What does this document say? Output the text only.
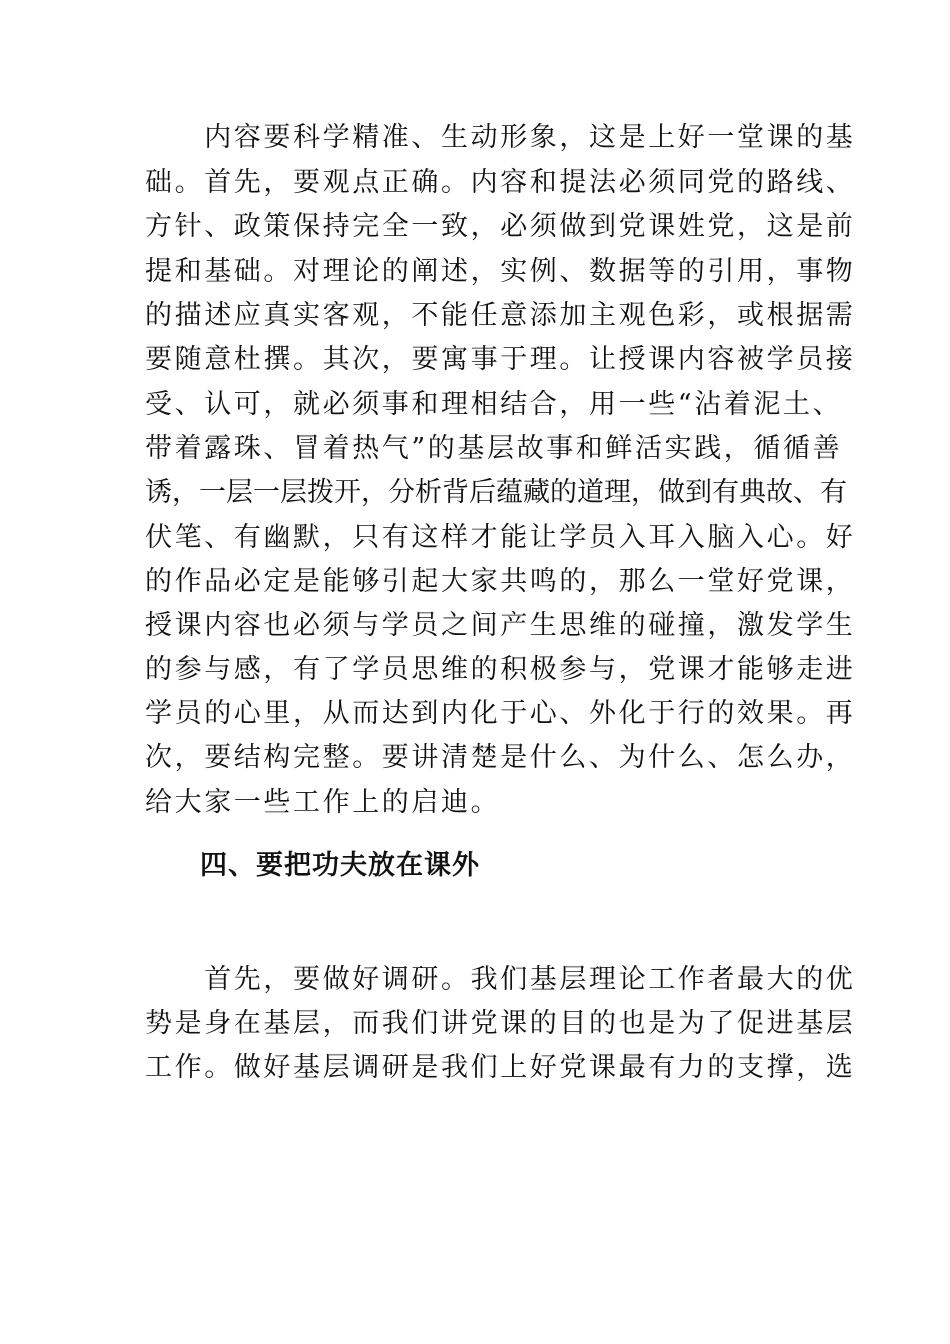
　　内容要科学精准、生动形象，这是上好一堂课的基
础。首先，要观点正确。内容和提法必须同党的路线、
方针、政策保持完全一致，必须做到党课姓党，这是前
提和基础。对理论的阐述，实例、数据等的引用，事物
的描述应真实客观，不能任意添加主观色彩，或根据需
要随意杜撰。其次，要寓事于理。让授课内容被学员接
受、认可，就必须事和理相结合，用一些“沾着泥土、
带着露珠、冒着热气”的基层故事和鲜活实践，循循善
诱，一层一层拨开，分析背后蕴藏的道理，做到有典故、有
伏笔、有幽默，只有这样才能让学员入耳入脑入心。好
的作品必定是能够引起大家共鸣的，那么一堂好党课，
授课内容也必须与学员之间产生思维的碰撞，激发学生
的参与感，有了学员思维的积极参与，党课才能够走进
学员的心里，从而达到内化于心、外化于行的效果。再
次，要结构完整。要讲清楚是什么、为什么、怎么办，
给大家一些工作上的启迪。
四、要把功夫放在课外
　　首先，要做好调研。我们基层理论工作者最大的优
势是身在基层，而我们讲党课的目的也是为了促进基层
工作。做好基层调研是我们上好党课最有力的支撑，选
